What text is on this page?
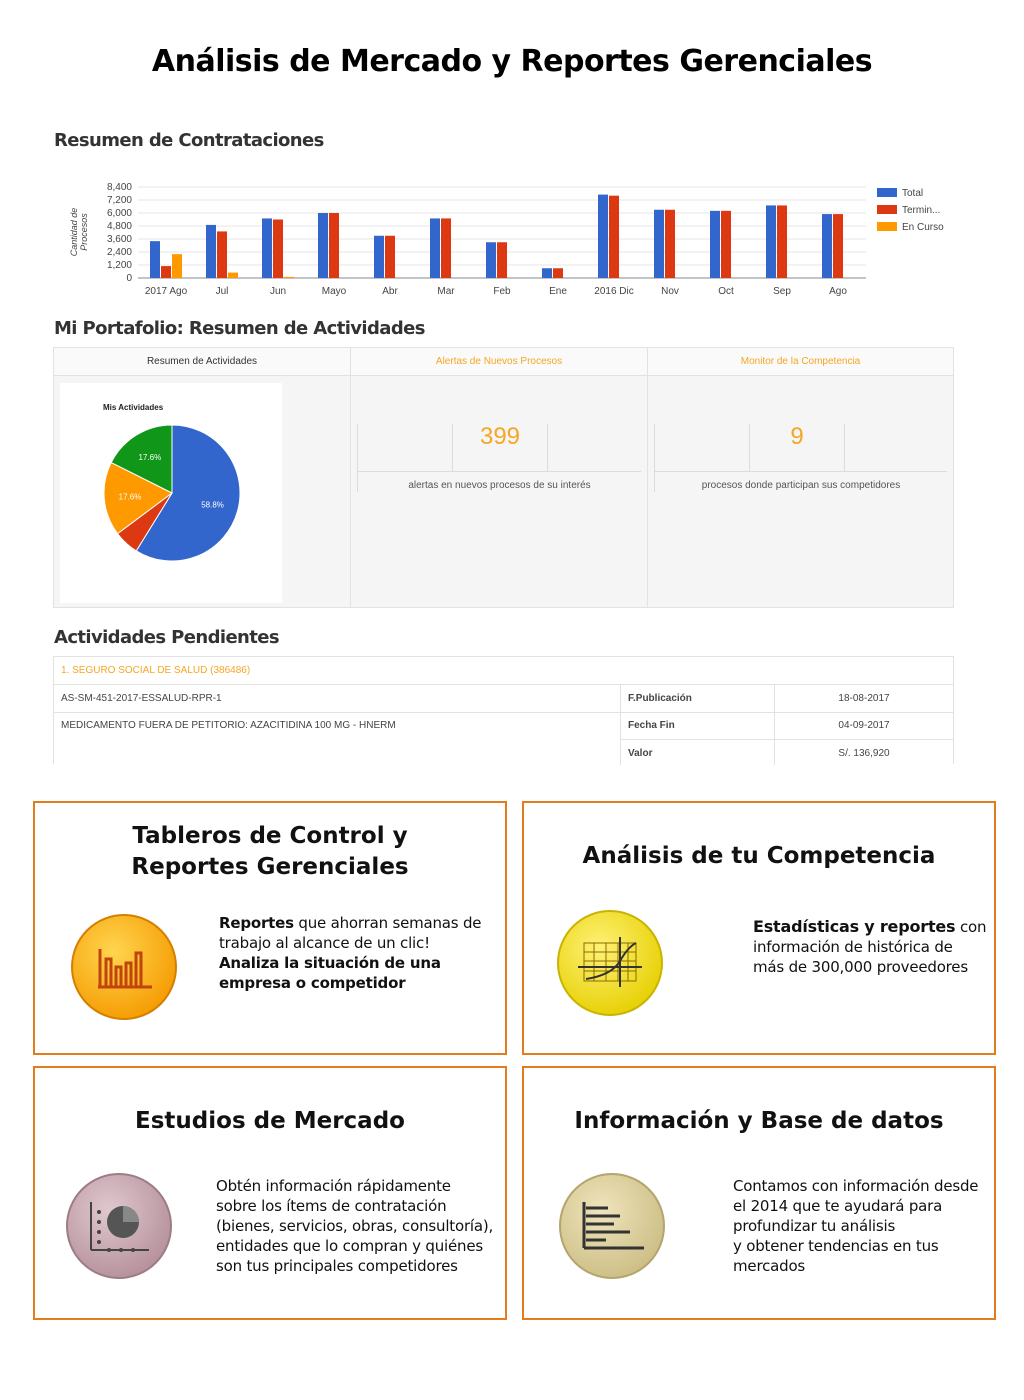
Análisis de Mercado y Reportes Gerenciales
Resumen de Contrataciones
0
1,200
2,400
3,600
4,800
6,000
7,200
8,400
Cantidad deProcesos
2017 Ago	Jul	Jun	Mayo	Abr	Mar	Feb	Ene	2016 Dic	Nov	Oct	Sep	Ago
Total
Termin...
En Curso
Mi Portafolio: Resumen de Actividades
Resumen de Actividades
Mis Actividades
58.8%
17.6%
17.6%
Alertas de Nuevos Procesos
399
alertas en nuevos procesos de su interés
Monitor de la Competencia
9
procesos donde participan sus competidores
Actividades Pendientes
1. SEGURO SOCIAL DE SALUD (386486)
AS-SM-451-2017-ESSALUD-RPR-1	F.Publicación	18-08-2017
MEDICAMENTO FUERA DE PETITORIO: AZACITIDINA 100 MG - HNERM	Fecha Fin	04-09-2017
Valor	S/. 136,920
Tableros de Control y
Reportes Gerenciales
Reportes que ahorran semanas de
trabajo al alcance de un clic!
Analiza la situación de una
empresa o competidor
Análisis de tu Competencia
Estadísticas y reportes con
información de histórica de
más de 300,000 proveedores
Estudios de Mercado
Obtén información rápidamente
sobre los ítems de contratación
(bienes, servicios, obras, consultoría),
entidades que lo compran y quiénes
son tus principales competidores
Información y Base de datos
Contamos con información desde
el 2014 que te ayudará para
profundizar tu análisis
y obtener tendencias en tus
mercados
